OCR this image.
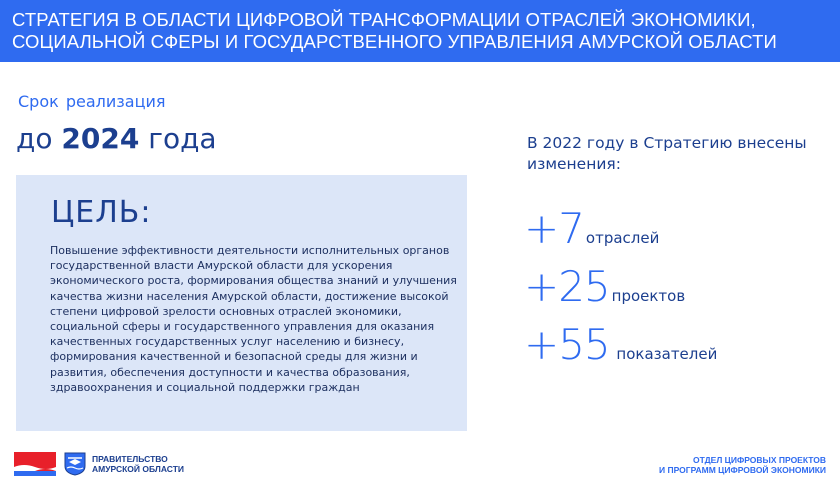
СТРАТЕГИЯ В ОБЛАСТИ ЦИФРОВОЙ ТРАНСФОРМАЦИИ ОТРАСЛЕЙ ЭКОНОМИКИ,
СОЦИАЛЬНОЙ СФЕРЫ И ГОСУДАРСТВЕННОГО УПРАВЛЕНИЯ АМУРСКОЙ ОБЛАСТИ
Срок реализация
до 2024 года
ЦЕЛЬ:
Повышение эффективности деятельности исполнительных органов
государственной власти Амурской области для ускорения
экономического роста, формирования общества знаний и улучшения
качества жизни населения Амурской области, достижение высокой
степени цифровой зрелости основных отраслей экономики,
социальной сферы и государственного управления для оказания
качественных государственных услуг населению и бизнесу,
формирования качественной и безопасной среды для жизни и
развития, обеспечения доступности и качества образования,
здравоохранения и социальной поддержки граждан
В 2022 году в Стратегию внесены
изменения:
+7 отраслей
+25 проектов
+55 показателей
ПРАВИТЕЛЬСТВО
АМУРСКОЙ ОБЛАСТИ
ОТДЕЛ ЦИФРОВЫХ ПРОЕКТОВ
И ПРОГРАММ ЦИФРОВОЙ ЭКОНОМИКИ
